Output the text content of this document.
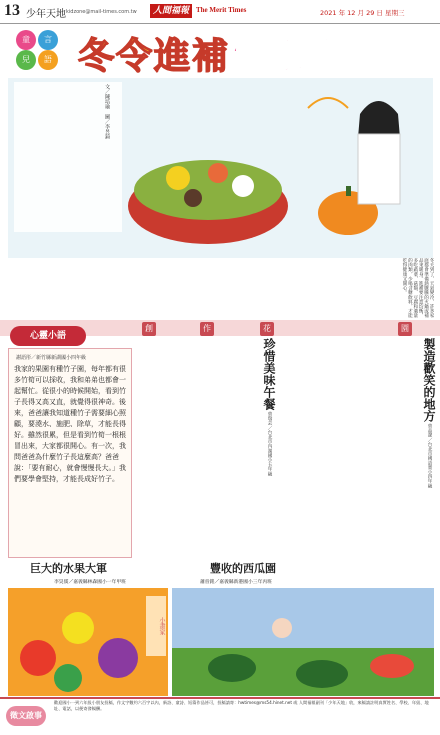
13 少年天地 kidzone@mail-times.com.tw	人間福報	The Merit Times	2021 年 12 月 29 日 星期三
童	言
兒	語 冬令進補健康吃
文／陳培瑜　圖／李昱錡
冬天到了，天氣變冷，許多家庭都會準備熱騰騰的火鍋或補品來暖身。進補要注意均衡，多吃蔬菜、菇類、豆腐和適量的肉類，少喝含糖飲料，才能吃得健康又開心。
創	作	花	園
心靈小語
謝語彤／新竹縣新湖國小四年級
我家的果園有種竹子園，每年都有很多竹筍可以採收，我和弟弟也都會一起幫忙。從很小的時候開始，看到竹子長得又高又直，就覺得很神奇。後來，爸爸讓我知道種竹子需要細心照顧，要澆水、施肥、除草，才能長得好。雖然很累，但是看到竹筍一根根冒出來，大家都很開心。有一次，我問爸爸為什麼竹子長這麼高？爸爸說：「要有耐心，就會慢慢長大。」我們要學會堅持，才能長成好竹子。
珍惜美味午餐 曾瑞芸／台北市內湖國小五年級
製造歡笑的地方 曾品潔／台北市國語實小四年級
巨大的水果大軍
李昊儒／嘉義縣林森國小一年甲班
豐收的西瓜園
蕭晉銘／嘉義縣新港國小三年丙班
小畫家
徵文啟事
歡迎國小一到六年級小朋友投稿，作文字數約六百字以內，新詩、童詩、短篇作品皆可，投稿請寄：hwtimes@ms54.hinet.net 或 人間福報副刊「少年天地」收，來稿請註明真實姓名、學校、年級、地址、電話，以便寄發稿酬。
